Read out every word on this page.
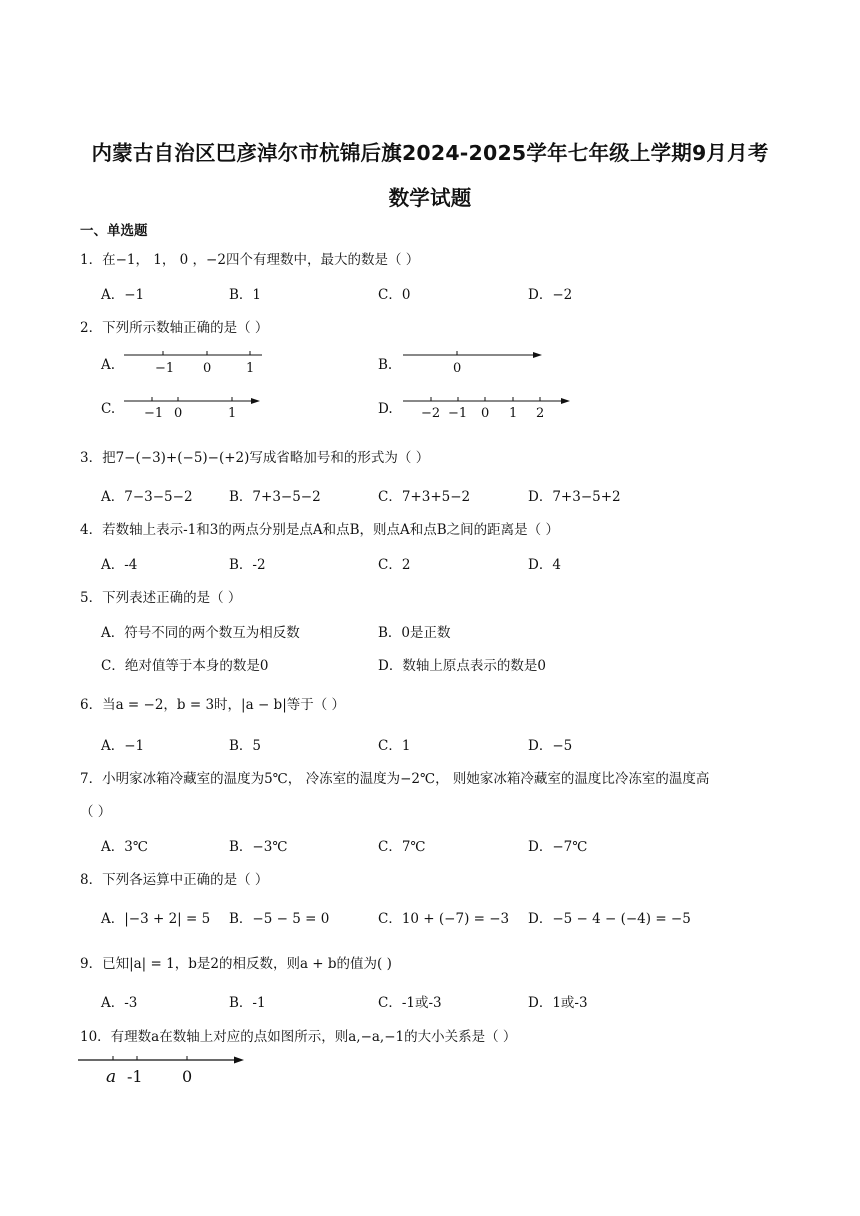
内蒙古自治区巴彦淖尔市杭锦后旗2024-2025学年七年级上学期9月月考
数学试题
一、单选题
1．在−1， 1， 0 ，−2四个有理数中，最大的数是（ ）
A．−1	B．1	C．0	D．−2
2．下列所示数轴正确的是（ ）
A.	B.
C.	D.
−1 0	1	0
−1 0	1	−2 −1 0 1 2
3．把7−(−3)+(−5)−(+2)写成省略加号和的形式为（ ）
A．7−3−5−2	B．7+3−5−2	C．7+3+5−2	D．7+3−5+2
4．若数轴上表示-1和3的两点分别是点A和点B，则点A和点B之间的距离是（ ）
A．-4	B．-2	C．2	D．4
5．下列表述正确的是（ ）
A．符号不同的两个数互为相反数	B．0是正数
C．绝对值等于本身的数是0	D．数轴上原点表示的数是0
6．当a = −2，b = 3时，|a − b|等于（ ）
A．−1	B．5	C．1	D．−5
7．小明家冰箱冷藏室的温度为5℃， 冷冻室的温度为−2℃， 则她家冰箱冷藏室的温度比冷冻室的温度高
（ ）
A．3℃	B．−3℃	C．7℃	D．−7℃
8．下列各运算中正确的是（ ）
A．|−3 + 2| = 5 B．−5 − 5 = 0	C．10 + (−7) = −3 D．−5 − 4 − (−4) = −5
9．已知|a| = 1，b是2的相反数，则a + b的值为( )
A．-3	B．-1	C．-1或-3	D．1或-3
10．有理数a在数轴上对应的点如图所示，则a,−a,−1的大小关系是（ ）
a -1 0
